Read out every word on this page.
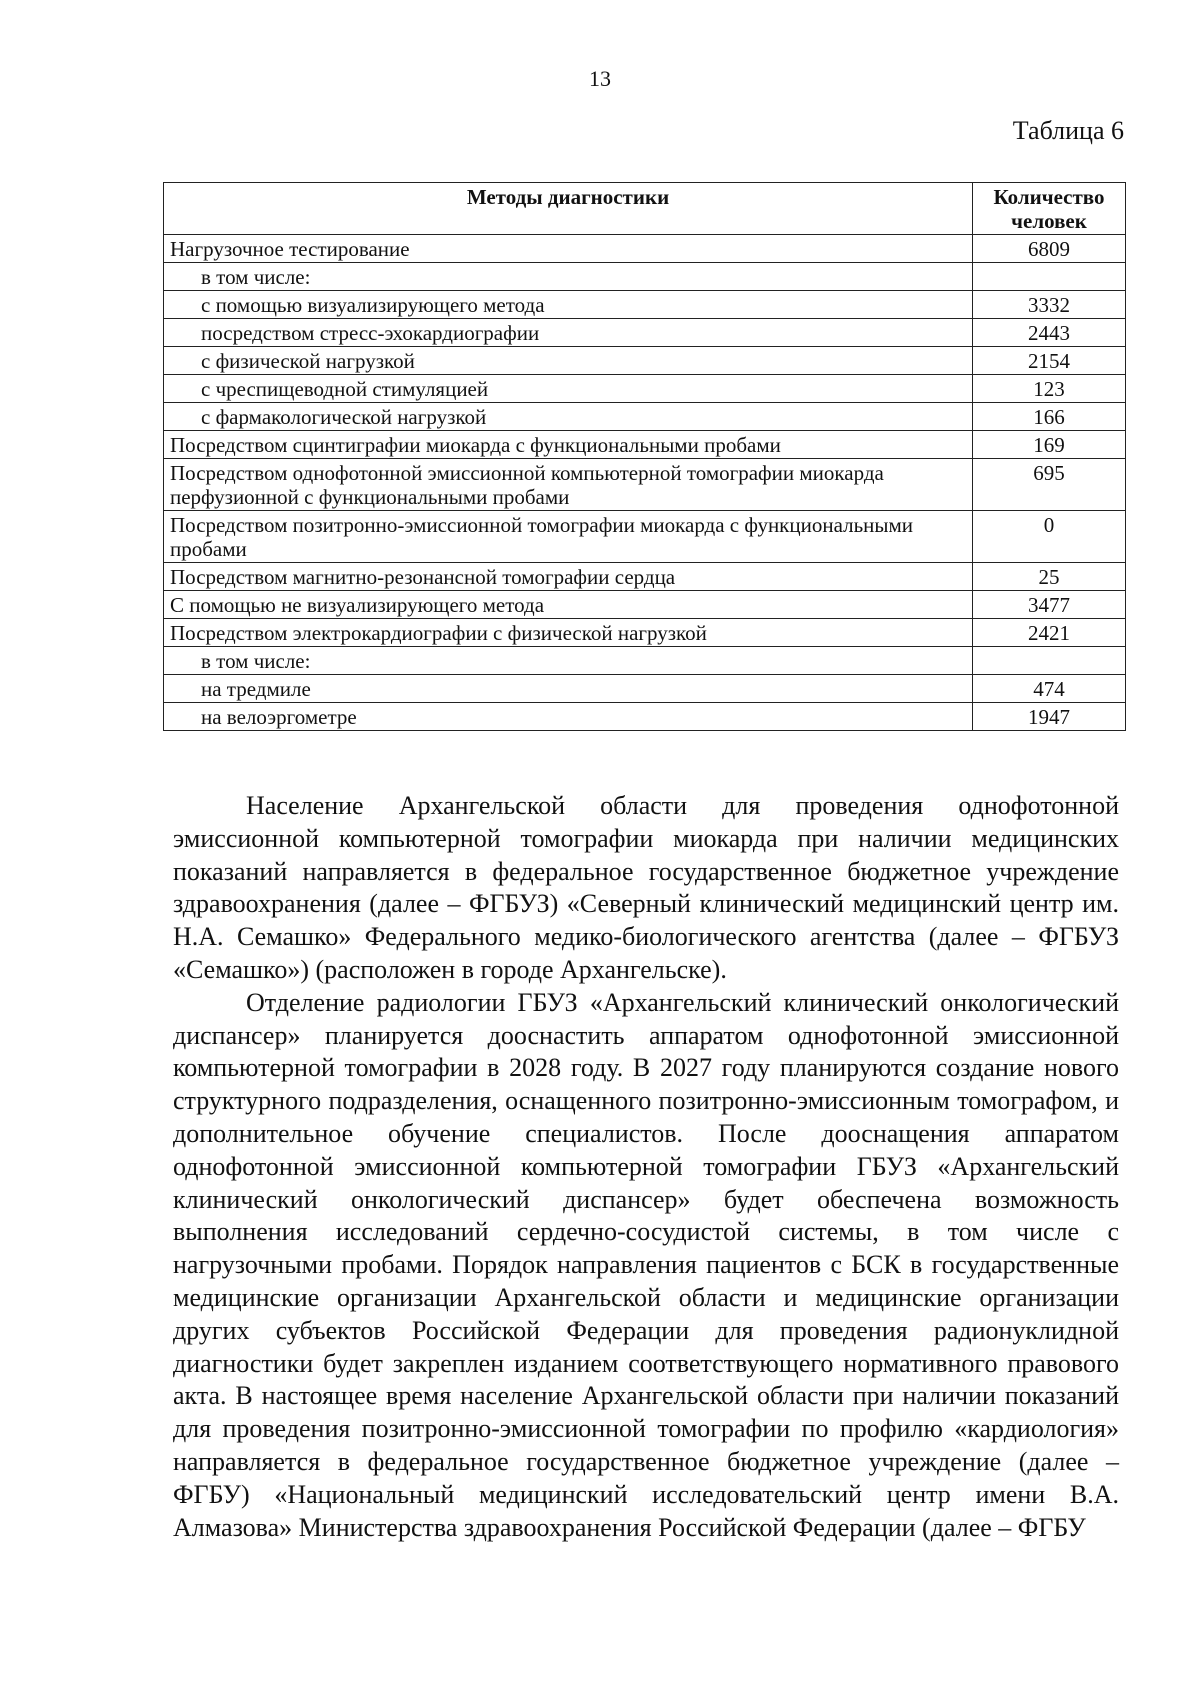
13
Таблица 6
Методы диагностики	Количество человек
Нагрузочное тестирование	6809
в том числе:	
с помощью визуализирующего метода	3332
посредством стресс-эхокардиографии	2443
с физической нагрузкой	2154
с чреспищеводной стимуляцией	123
с фармакологической нагрузкой	166
Посредством сцинтиграфии миокарда с функциональными пробами	169
Посредством однофотонной эмиссионной компьютерной томографии миокарда перфузионной с функциональными пробами	695
Посредством позитронно-эмиссионной томографии миокарда с функциональными пробами	0
Посредством магнитно-резонансной томографии сердца	25
С помощью не визуализирующего метода	3477
Посредством электрокардиографии с физической нагрузкой	2421
в том числе:	
на тредмиле	474
на велоэргометре	1947

Население Архангельской области для проведения однофотонной эмиссионной компьютерной томографии миокарда при наличии медицинских показаний направляется в федеральное государственное бюджетное учреждение здравоохранения (далее – ФГБУЗ) «Северный клинический медицинский центр им. Н.А. Семашко» Федерального медико-биологического агентства (далее – ФГБУЗ «Семашко») (расположен в городе Архангельске).

Отделение радиологии ГБУЗ «Архангельский клинический онкологический диспансер» планируется дооснастить аппаратом однофотонной эмиссионной компьютерной томографии в 2028 году. В 2027 году планируются создание нового структурного подразделения, оснащенного позитронно-эмиссионным томографом, и дополнительное обучение специалистов. После дооснащения аппаратом однофотонной эмиссионной компьютерной томографии ГБУЗ «Архангельский клинический онкологический диспансер» будет обеспечена возможность выполнения исследований сердечно-сосудистой системы, в том числе с нагрузочными пробами. Порядок направления пациентов с БСК в государственные медицинские организации Архангельской области и медицинские организации других субъектов Российской Федерации для проведения радионуклидной диагностики будет закреплен изданием соответствующего нормативного правового акта. В настоящее время население Архангельской области при наличии показаний для проведения позитронно-эмиссионной томографии по профилю «кардиология» направляется в федеральное государственное бюджетное учреждение (далее – ФГБУ) «Национальный медицинский исследовательский центр имени В.А. Алмазова» Министерства здравоохранения Российской Федерации (далее – ФГБУ
